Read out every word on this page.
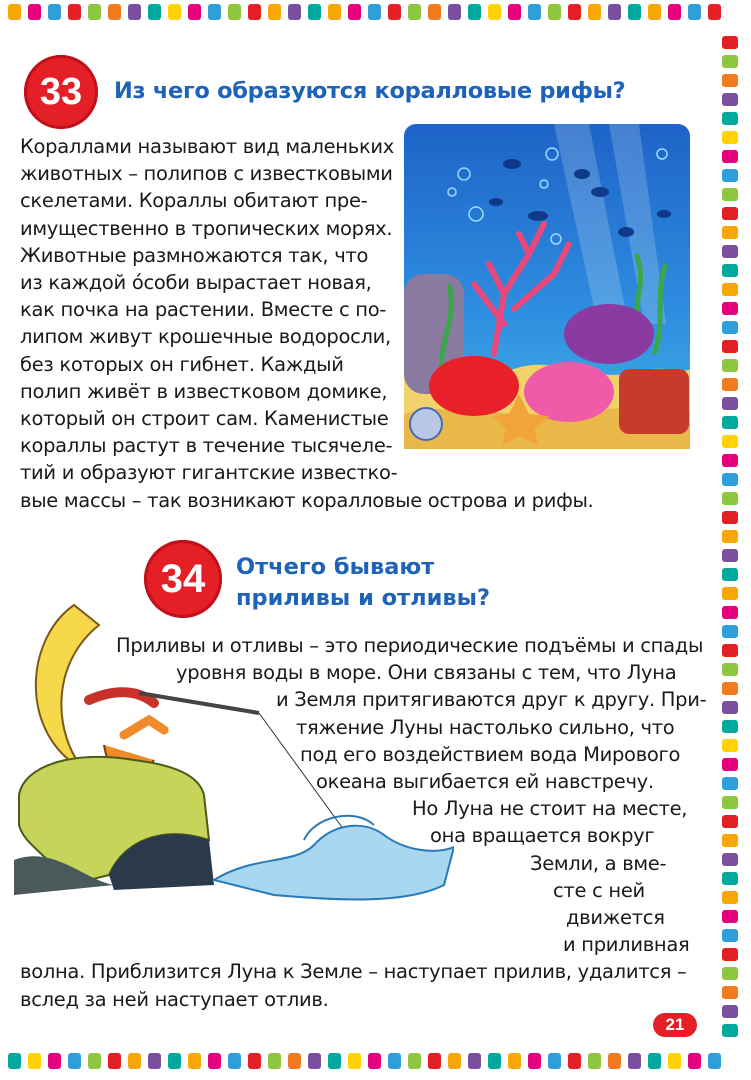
33 Из чего образуются коралловые рифы?
Кораллами называют вид маленьких
животных – полипов с известковыми
скелетами. Кораллы обитают пре-
имущественно в тропических морях.
Животные размножаются так, что
из каждой óсоби вырастает новая,
как почка на растении. Вместе с по-
липом живут крошечные водоросли,
без которых он гибнет. Каждый
полип живёт в известковом домике,
который он строит сам. Каменистые
кораллы растут в течение тысячеле-
тий и образуют гигантские известко-
вые массы – так возникают коралловые острова и рифы.
34 Отчего бывают
приливы и отливы?
Приливы и отливы – это периодические подъёмы и спады
уровня воды в море. Они связаны с тем, что Луна
и Земля притягиваются друг к другу. При-
тяжение Луны настолько сильно, что
под его воздействием вода Мирового
океана выгибается ей навстречу.
Но Луна не стоит на месте,
она вращается вокруг
Земли, а вме-
сте с ней
движется
и приливная
волна. Приблизится Луна к Земле – наступает прилив, удалится –
вслед за ней наступает отлив.
21
